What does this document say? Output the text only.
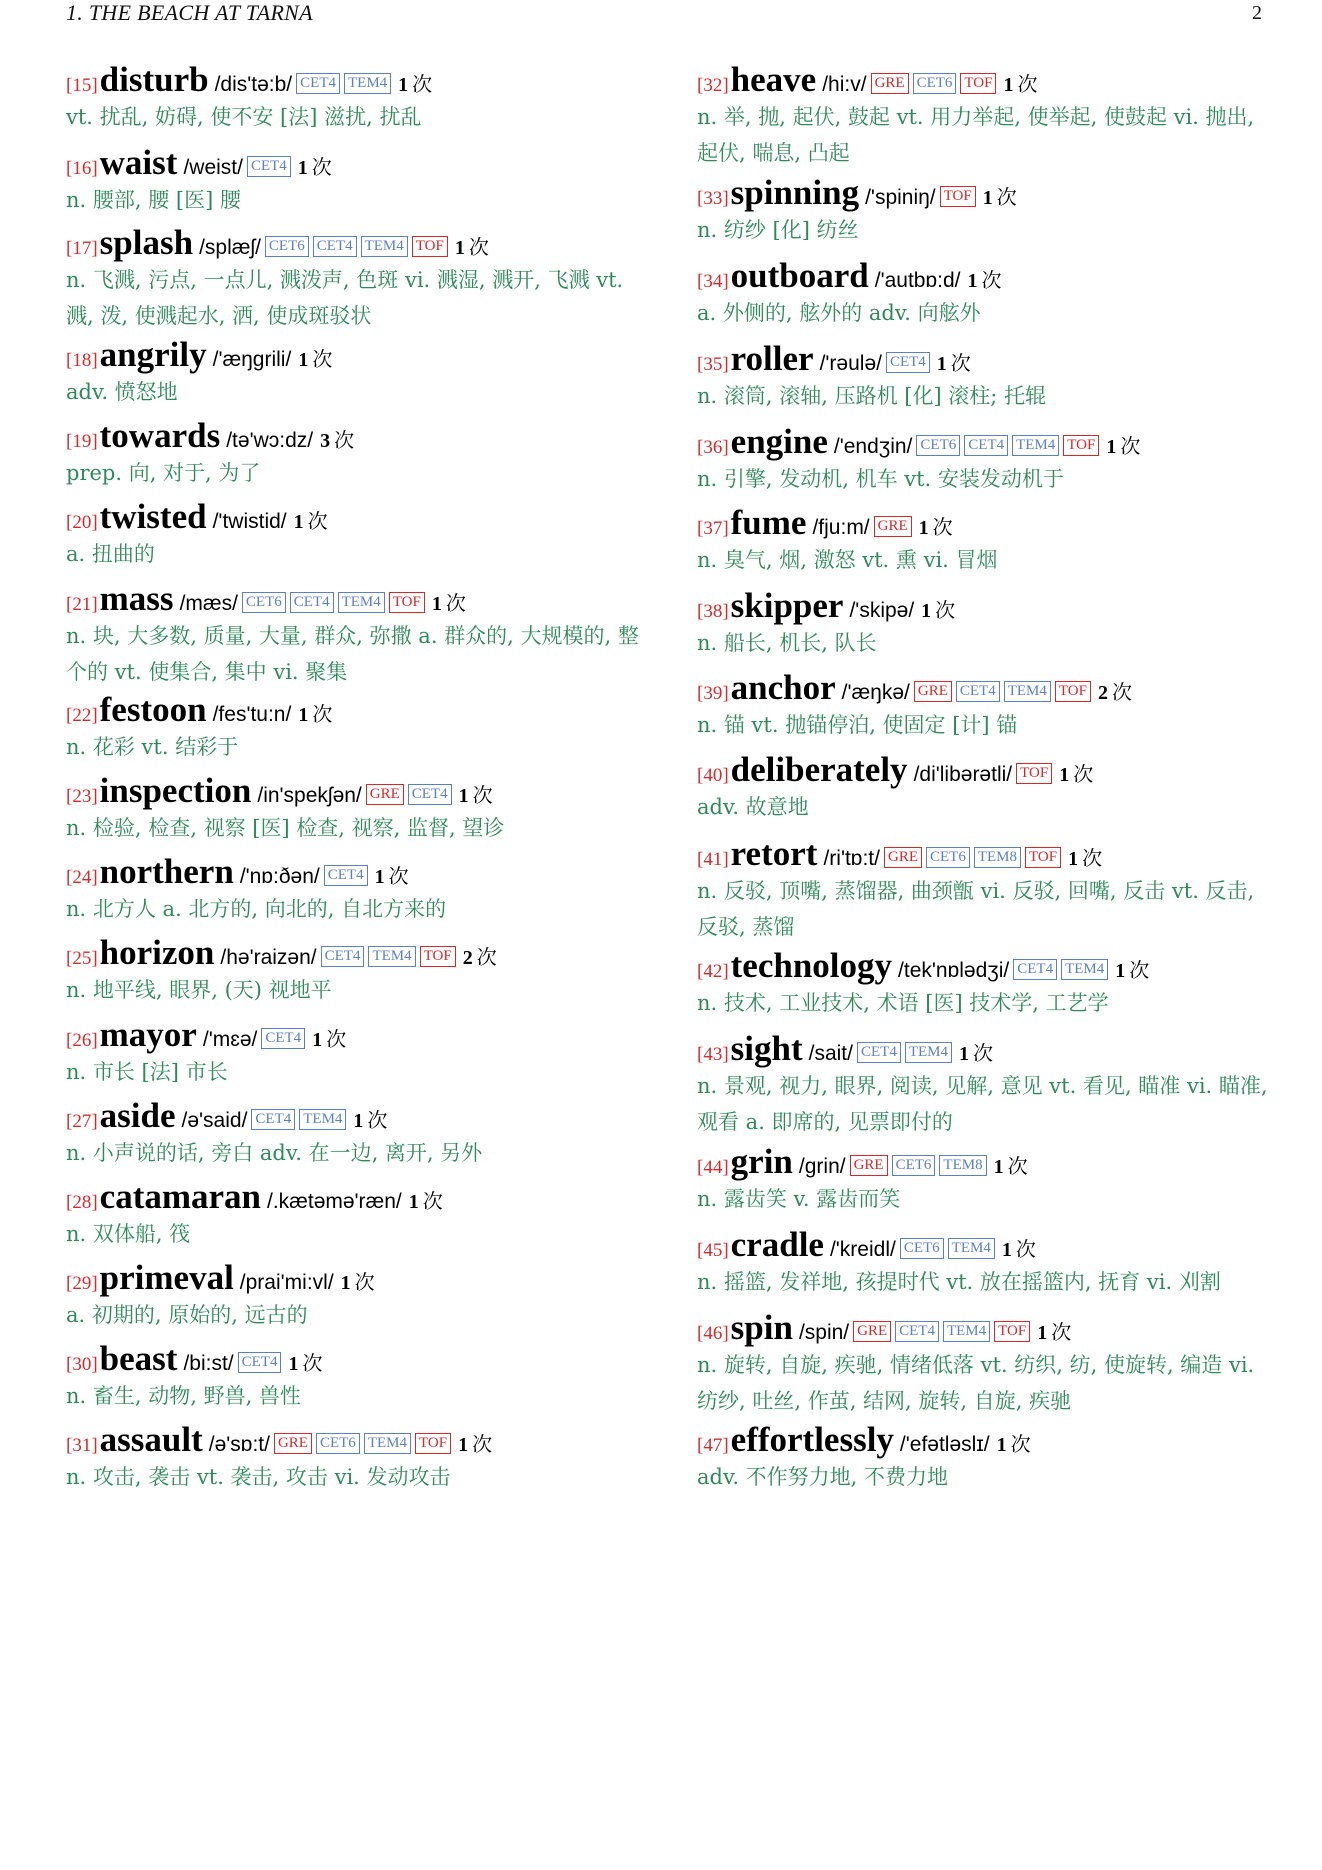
1. THE BEACH AT TARNA	2
[15]disturb /dis'tə:b/ CET4 TEM4 1 次
vt. 扰乱, 妨碍, 使不安 [法] 滋扰, 扰乱
[16]waist /weist/ CET4 1 次
n. 腰部, 腰 [医] 腰
[17]splash /splæʃ/ CET6 CET4 TEM4 TOF 1 次
n. 飞溅, 污点, 一点儿, 溅泼声, 色斑 vi. 溅湿, 溅开, 飞溅 vt. 溅, 泼, 使溅起水, 洒, 使成斑驳状
[18]angrily /'æŋgrili/ 1 次
adv. 愤怒地
[19]towards /tə'wɔ:dz/ 3 次
prep. 向, 对于, 为了
[20]twisted /'twistid/ 1 次
a. 扭曲的
[21]mass /mæs/ CET6 CET4 TEM4 TOF 1 次
n. 块, 大多数, 质量, 大量, 群众, 弥撒 a. 群众的, 大规模的, 整个的 vt. 使集合, 集中 vi. 聚集
[22]festoon /fes'tu:n/ 1 次
n. 花彩 vt. 结彩于
[23]inspection /in'spekʃən/ GRE CET4 1 次
n. 检验, 检查, 视察 [医] 检查, 视察, 监督, 望诊
[24]northern /'nɒ:ðən/ CET4 1 次
n. 北方人 a. 北方的, 向北的, 自北方来的
[25]horizon /hə'raizən/ CET4 TEM4 TOF 2 次
n. 地平线, 眼界, (天) 视地平
[26]mayor /'mɛə/ CET4 1 次
n. 市长 [法] 市长
[27]aside /ə'said/ CET4 TEM4 1 次
n. 小声说的话, 旁白 adv. 在一边, 离开, 另外
[28]catamaran /.kætəmə'ræn/ 1 次
n. 双体船, 筏
[29]primeval /prai'mi:vl/ 1 次
a. 初期的, 原始的, 远古的
[30]beast /bi:st/ CET4 1 次
n. 畜生, 动物, 野兽, 兽性
[31]assault /ə'sɒ:t/ GRE CET6 TEM4 TOF 1 次
n. 攻击, 袭击 vt. 袭击, 攻击 vi. 发动攻击
[32]heave /hi:v/ GRE CET6 TOF 1 次
n. 举, 抛, 起伏, 鼓起 vt. 用力举起, 使举起, 使鼓起 vi. 抛出, 起伏, 喘息, 凸起
[33]spinning /'spiniŋ/ TOF 1 次
n. 纺纱 [化] 纺丝
[34]outboard /'autbɒ:d/ 1 次
a. 外侧的, 舷外的 adv. 向舷外
[35]roller /'rəulə/ CET4 1 次
n. 滚筒, 滚轴, 压路机 [化] 滚柱; 托辊
[36]engine /'endʒin/ CET6 CET4 TEM4 TOF 1 次
n. 引擎, 发动机, 机车 vt. 安装发动机于
[37]fume /fju:m/ GRE 1 次
n. 臭气, 烟, 激怒 vt. 熏 vi. 冒烟
[38]skipper /'skipə/ 1 次
n. 船长, 机长, 队长
[39]anchor /'æŋkə/ GRE CET4 TEM4 TOF 2 次
n. 锚 vt. 抛锚停泊, 使固定 [计] 锚
[40]deliberately /di'libərətli/ TOF 1 次
adv. 故意地
[41]retort /ri'tɒ:t/ GRE CET6 TEM8 TOF 1 次
n. 反驳, 顶嘴, 蒸馏器, 曲颈甑 vi. 反驳, 回嘴, 反击 vt. 反击, 反驳, 蒸馏
[42]technology /tek'nɒlədʒi/ CET4 TEM4 1 次
n. 技术, 工业技术, 术语 [医] 技术学, 工艺学
[43]sight /sait/ CET4 TEM4 1 次
n. 景观, 视力, 眼界, 阅读, 见解, 意见 vt. 看见, 瞄准 vi. 瞄准, 观看 a. 即席的, 见票即付的
[44]grin /grin/ GRE CET6 TEM8 1 次
n. 露齿笑 v. 露齿而笑
[45]cradle /'kreidl/ CET6 TEM4 1 次
n. 摇篮, 发祥地, 孩提时代 vt. 放在摇篮内, 抚育 vi. 刈割
[46]spin /spin/ GRE CET4 TEM4 TOF 1 次
n. 旋转, 自旋, 疾驰, 情绪低落 vt. 纺织, 纺, 使旋转, 编造 vi. 纺纱, 吐丝, 作茧, 结网, 旋转, 自旋, 疾驰
[47]effortlessly /'efətləslɪ/ 1 次
adv. 不作努力地, 不费力地
